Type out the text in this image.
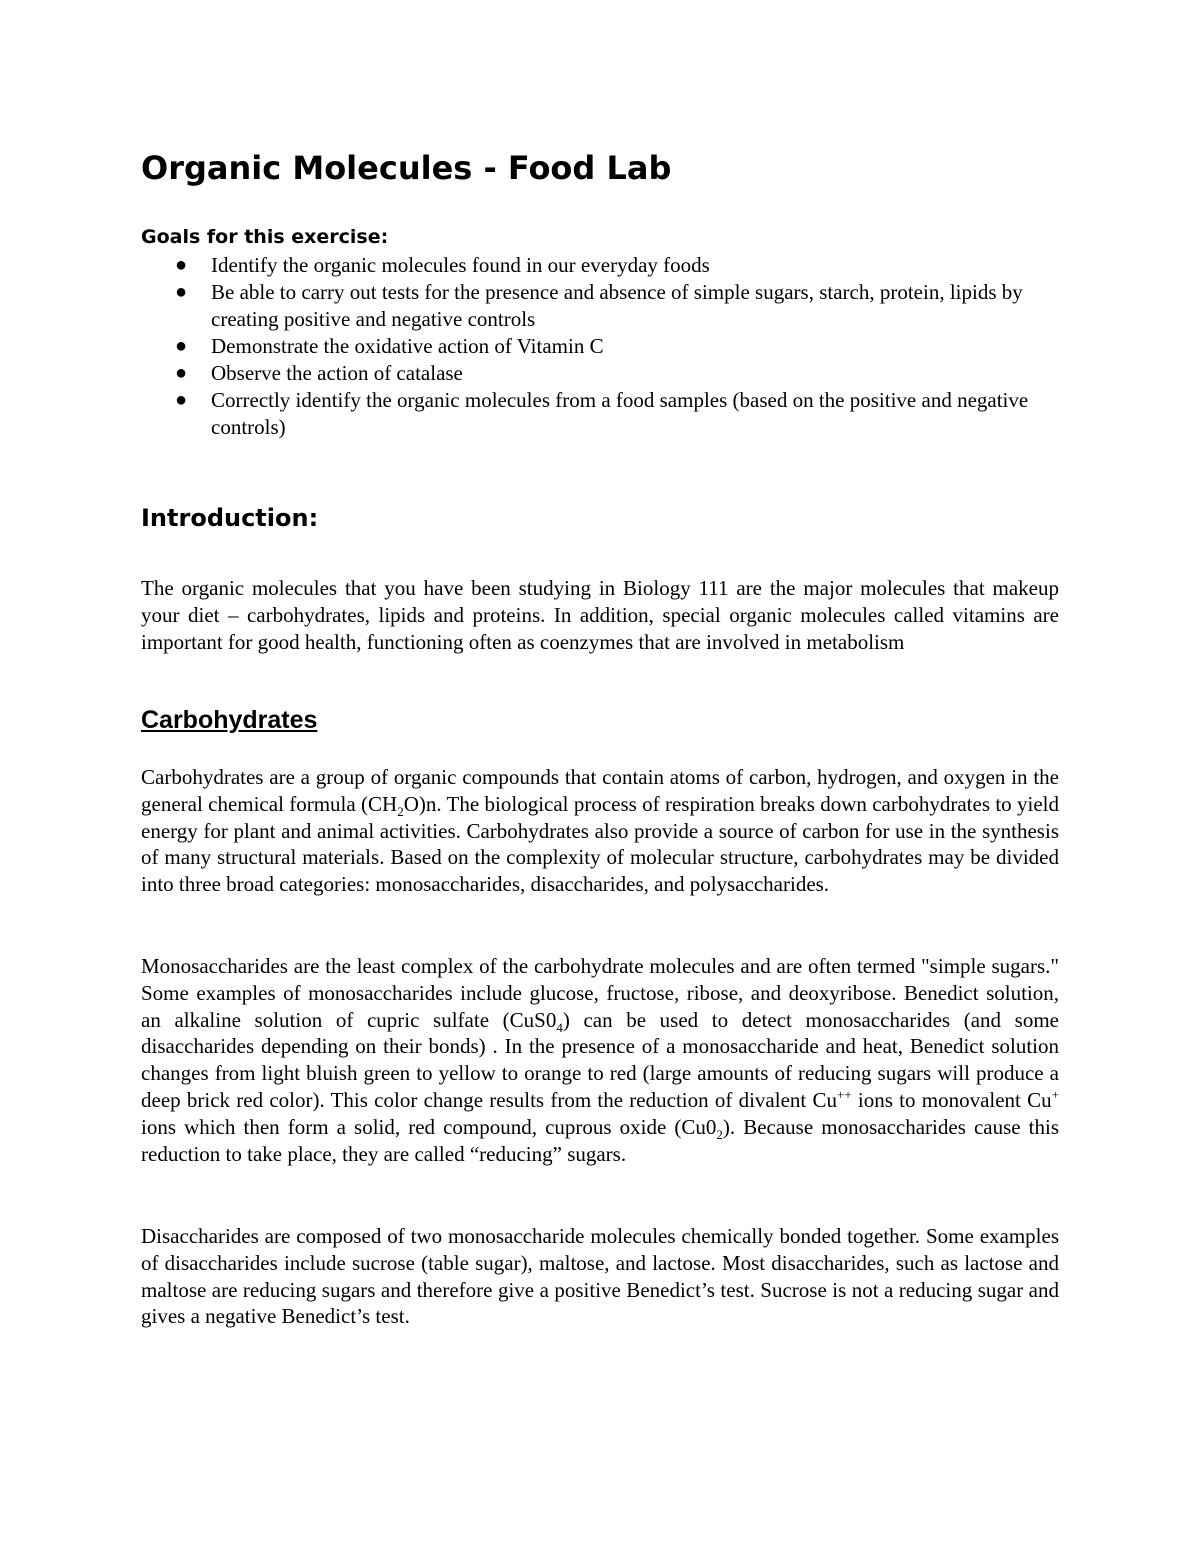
Organic Molecules - Food Lab
Goals for this exercise:
● Identify the organic molecules found in our everyday foods
● Be able to carry out tests for the presence and absence of simple sugars, starch, protein, lipids by creating positive and negative controls
● Demonstrate the oxidative action of Vitamin C
● Observe the action of catalase
● Correctly identify the organic molecules from a food samples (based on the positive and negative controls)
Introduction:

The organic molecules that you have been studying in Biology 111 are the major molecules that makeup your diet – carbohydrates, lipids and proteins. In addition, special organic molecules called vitamins are important for good health, functioning often as coenzymes that are involved in metabolism

Carbohydrates

Carbohydrates are a group of organic compounds that contain atoms of carbon, hydrogen, and oxygen in the general chemical formula $(CH_2O)n$. The biological process of respiration breaks down carbohydrates to yield energy for plant and animal activities. Carbohydrates also provide a source of carbon for use in the synthesis of many structural materials. Based on the complexity of molecular structure, carbohydrates may be divided into three broad categories: monosaccharides, disaccharides, and polysaccharides.

Monosaccharides are the least complex of the carbohydrate molecules and are often termed "simple sugars." Some examples of monosaccharides include glucose, fructose, ribose, and deoxyribose. Benedict solution, an alkaline solution of cupric sulfate $(CuS0_4)$ can be used to detect monosaccharides (and some disaccharides depending on their bonds) . In the presence of a monosaccharide and heat, Benedict solution changes from light bluish green to yellow to orange to red (large amounts of reducing sugars will produce a deep brick red color). This color change results from the reduction of divalent Cu++ ions to monovalent Cu+ ions which then form a solid, red compound, cuprous oxide $(Cu0_2)$. Because monosaccharides cause this reduction to take place, they are called “reducing” sugars.

Disaccharides are composed of two monosaccharide molecules chemically bonded together. Some examples of disaccharides include sucrose (table sugar), maltose, and lactose. Most disaccharides, such as lactose and maltose are reducing sugars and therefore give a positive Benedict’s test. Sucrose is not a reducing sugar and gives a negative Benedict’s test.
